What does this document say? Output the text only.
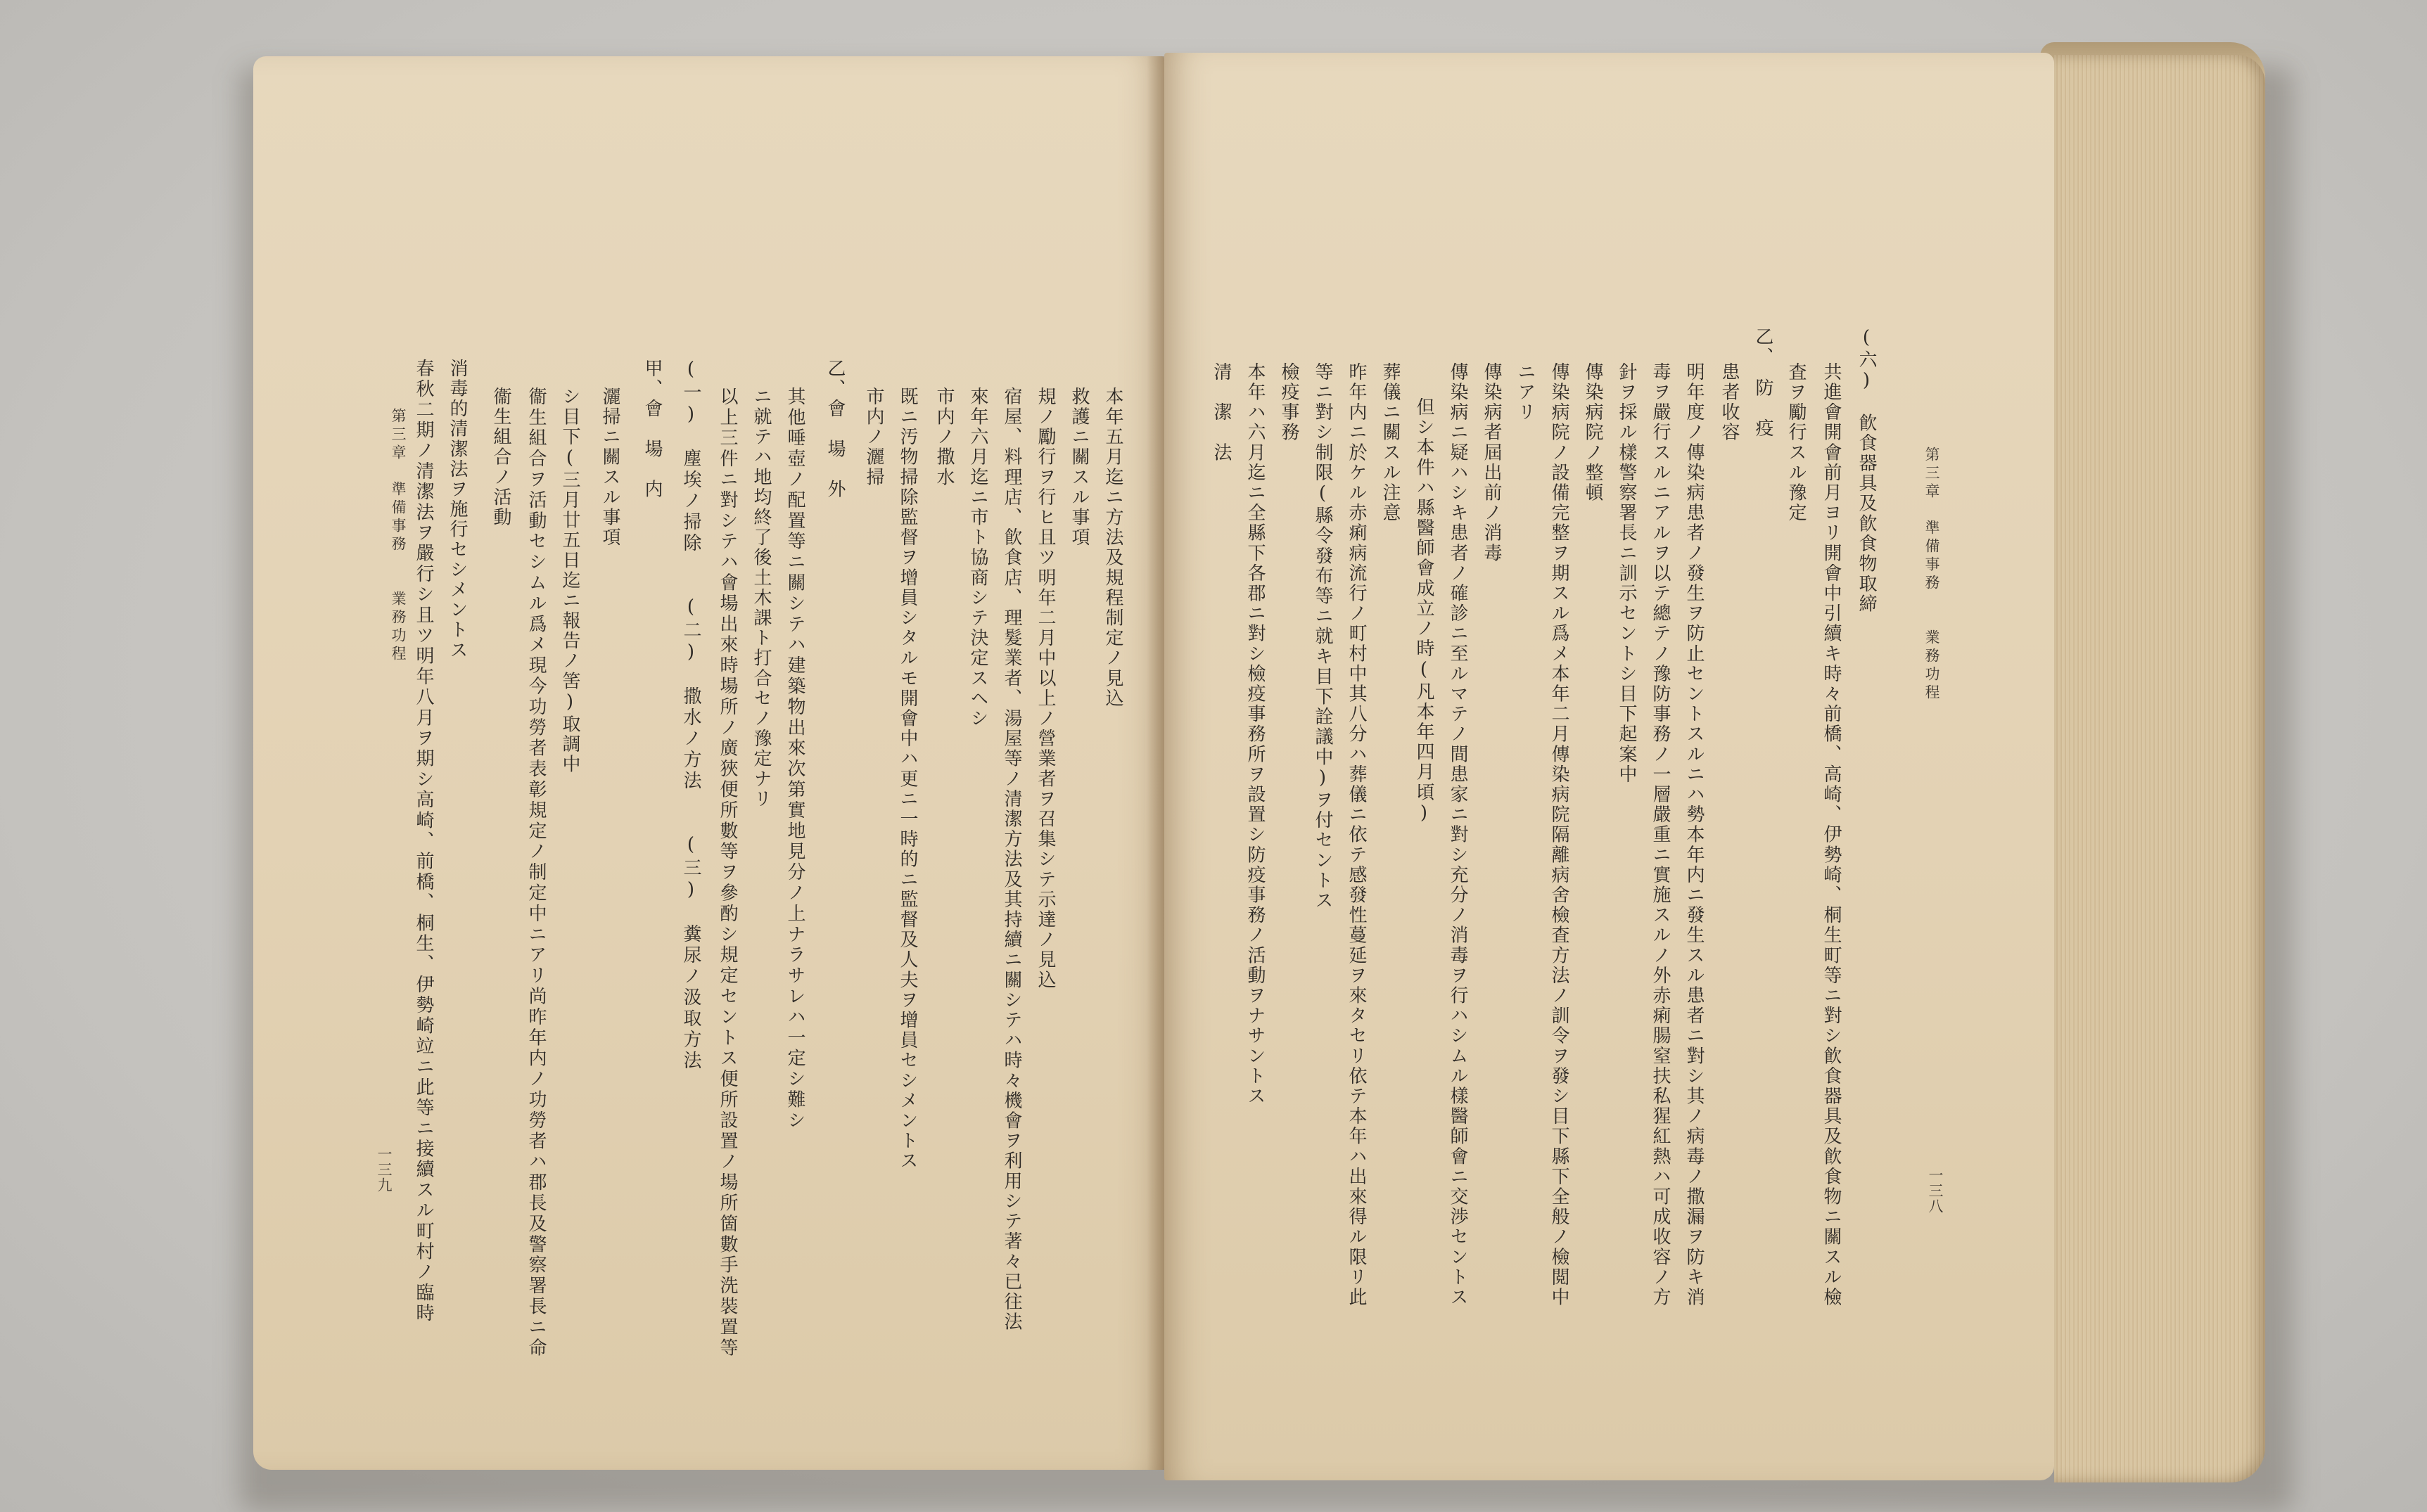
第三章　準備事務　　業務功程
一三九 春秋二期ノ清潔法ヲ嚴行シ且ツ明年八月ヲ期シ高崎、前橋、桐生、伊勢崎竝ニ此等ニ接續スル町村ノ臨時 消毒的清潔法ヲ施行セシメントス 衞生組合ノ活動 衞生組合ヲ活動セシムル爲メ現今功勞者表彰規定ノ制定中ニアリ尚昨年内ノ功勞者ハ郡長及警察署長ニ命 シ目下(三月廿五日迄ニ報告ノ筈)取調中 灑掃ニ關スル事項 甲、會　場　内 (一)　塵埃ノ掃除　　(二)　撒水ノ方法　　(三)　糞尿ノ汲取方法 以上三件ニ對シテハ會場出來時場所ノ廣狹便所數等ヲ參酌シ規定セントス便所設置ノ場所箇數手洗裝置等 ニ就テハ地均終了後土木課ト打合セノ豫定ナリ 其他唾壺ノ配置等ニ關シテハ建築物出來次第實地見分ノ上ナラサレハ一定シ難シ 乙、會　場　外 市内ノ灑掃 既ニ汚物掃除監督ヲ增員シタルモ開會中ハ更ニ一時的ニ監督及人夫ヲ增員セシメントス 市内ノ撒水 來年六月迄ニ市ト協商シテ決定スヘシ 宿屋、料理店、飮食店、理髮業者、湯屋等ノ清潔方法及其持續ニ關シテハ時々機會ヲ利用シテ著々已往法 規ノ勵行ヲ行ヒ且ツ明年二月中以上ノ營業者ヲ召集シテ示達ノ見込 救護ニ關スル事項 本年五月迄ニ方法及規程制定ノ見込	第三章　準備事務　　業務功程
一三八
(六)　飮食器具及飮食物取締
共進會開會前月ヨリ開會中引續キ時々前橋、高崎、伊勢崎、桐生町等ニ對シ飮食器具及飮食物ニ關スル檢
査ヲ勵行スル豫定
乙、　防　疫
患者收容
明年度ノ傳染病患者ノ發生ヲ防止セントスルニハ勢本年内ニ發生スル患者ニ對シ其ノ病毒ノ撒漏ヲ防キ消
毒ヲ嚴行スルニアルヲ以テ總テノ豫防事務ノ一層嚴重ニ實施スルノ外赤痢腸窒扶私猩紅熱ハ可成收容ノ方
針ヲ採ル樣警察署長ニ訓示セントシ目下起案中
傳染病院ノ整頓
傳染病院ノ設備完整ヲ期スル爲メ本年二月傳染病院隔離病舍檢査方法ノ訓令ヲ發シ目下縣下全般ノ檢閲中
ニアリ
傳染病者屆出前ノ消毒
傳染病ニ疑ハシキ患者ノ確診ニ至ルマテノ間患家ニ對シ充分ノ消毒ヲ行ハシムル樣醫師會ニ交渉セントス
但シ本件ハ縣醫師會成立ノ時(凡本年四月頃)
葬儀ニ關スル注意
昨年内ニ於ケル赤痢病流行ノ町村中其八分ハ葬儀ニ依テ感發性蔓延ヲ來タセリ依テ本年ハ出來得ル限リ此
等ニ對シ制限(縣令發布等ニ就キ目下詮議中)ヲ付セントス
檢疫事務
本年ハ六月迄ニ全縣下各郡ニ對シ檢疫事務所ヲ設置シ防疫事務ノ活動ヲナサントス
清　潔　法
